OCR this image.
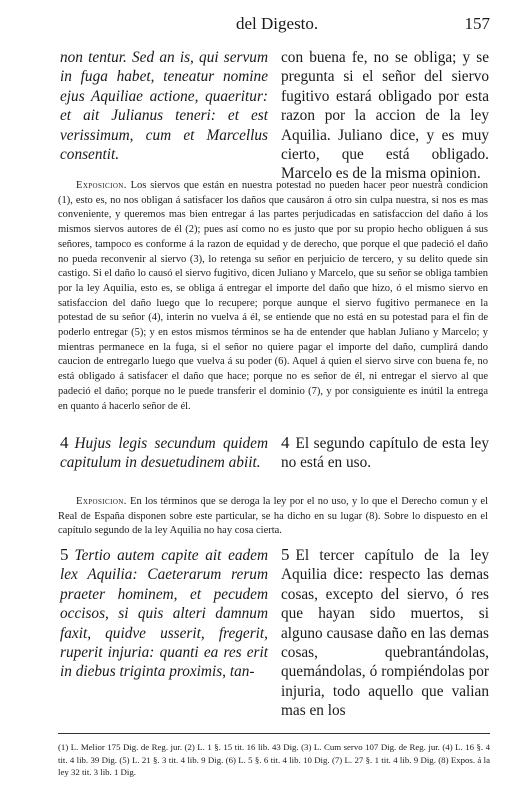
del Digesto.	157

non tentur. Sed an is, qui servum in fuga habet, teneatur nomine ejus Aquiliae actione, quaeritur: et ait Julianus teneri: et est verissimum, cum et Marcellus consentit.

con buena fe, no se obliga; y se pregunta si el señor del siervo fugitivo estará obligado por esta razon por la accion de la ley Aquilia. Juliano dice, y es muy cierto, que está obligado. Marcelo es de la misma opinion.

Exposicion. Los siervos que están en nuestra potestad no pueden hacer peor nuestra condicion (1), esto es, no nos obligan á satisfacer los daños que causáron á otro sin culpa nuestra, si nos es mas conveniente, y queremos mas bien entregar á las partes perjudicadas en satisfaccion del daño á los mismos siervos autores de él (2); pues así como no es justo que por su propio hecho obliguen á sus señores, tampoco es conforme á la razon de equidad y de derecho, que porque el que padeció el daño no pueda reconvenir al siervo (3), lo retenga su señor en perjuicio de tercero, y su delito quede sin castigo. Si el daño lo causó el siervo fugitivo, dicen Juliano y Marcelo, que su señor se obliga tambien por la ley Aquilia, esto es, se obliga á entregar el importe del daño que hizo, ó el mismo siervo en satisfaccion del daño luego que lo recupere; porque aunque el siervo fugitivo permanece en la potestad de su señor (4), interin no vuelva á él, se entiende que no está en su potestad para el fin de poderlo entregar (5); y en estos mismos términos se ha de entender que hablan Juliano y Marcelo; y mientras permanece en la fuga, si el señor no quiere pagar el importe del daño, cumplirá dando caucion de entregarlo luego que vuelva á su poder (6). Aquel á quien el siervo sirve con buena fe, no está obligado á satisfacer el daño que hace; porque no es señor de él, ni entregar el siervo al que padeció el daño; porque no le puede transferir el dominio (7), y por consiguiente es inútil la entrega en quanto á hacerlo señor de él.

4 Hujus legis secundum quidem capitulum in desuetudinem abiit.

4 El segundo capítulo de esta ley no está en uso.

Exposicion. En los términos que se deroga la ley por el no uso, y lo que el Derecho comun y el Real de España disponen sobre este particular, se ha dicho en su lugar (8). Sobre lo dispuesto en el capítulo segundo de la ley Aquilia no hay cosa cierta.

5 Tertio autem capite ait eadem lex Aquilia: Caeterarum rerum praeter hominem, et pecudem occisos, si quis alteri damnum faxit, quidve usserit, fregerit, ruperit injuria: quanti ea res erit in diebus triginta proximis, tan-

5 El tercer capítulo de la ley Aquilia dice: respecto las demas cosas, excepto del siervo, ó res que hayan sido muertos, si alguno causase daño en las demas cosas, quebrantándolas, quemándolas, ó rompiéndolas por injuria, todo aquello que valian mas en los

(1) L. Melior 175 Dig. de Reg. jur. (2) L. 1 §. 15 tit. 16 lib. 43 Dig. (3) L. Cum servo 107 Dig. de Reg. jur. (4) L. 16 §. 4 tit. 4 lib. 39 Dig. (5) L. 21 §. 3 tit. 4 lib. 9 Dig. (6) L. 5 §. 6 tit. 4 lib. 10 Dig. (7) L. 27 §. 1 tit. 4 lib. 9 Dig. (8) Expos. á la ley 32 tit. 3 lib. 1 Dig.
